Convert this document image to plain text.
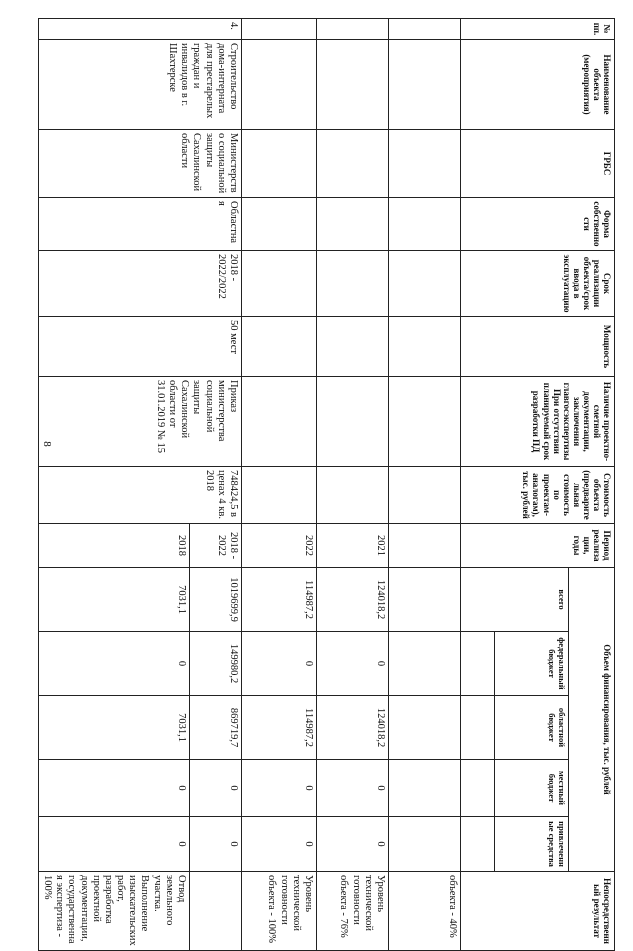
8
№ пп.	Наименование объекта (мероприятия)	ГРБС	Форма собственности	Срок реализации объекта/срок ввода в эксплуатацию	Мощность	Наличие проектно-сметной документации, заключения главгосэкспертизы При отсутствии планируемый срок разработки ПД	Стоимость объекта (предварительная стоимость по проектам-аналогам), тыс. рублей	Период реализации, годы	Объем финансирования, тыс. рублей					Непосредственный результат
									всего	федеральный бюджет	областной бюджет	местный бюджет	привлеченные средства	

														объекта - 40%
								2021	124018,2	0	124018,2	0	0	Уровень технической готовности объекта - 76%
								2022	114987,2	0	114987,2	0	0	Уровень технической готовности объекта - 100%
4.	Строительство дома-интерната для престарелых граждан и инвалидов в г. Шахтерске	Министерство социальной защиты Сахалинской области	Областная	2018 - 2022/2022	50 мест	Приказ министерства социальной защиты Сахалинской области от 31.01.2019 № 15	748424,5 в ценах 4 кв. 2018	2018 - 2022	1019699,9	149980,2	869719,7	0	0	
								2018	7031,1	0	7031,1	0	0	Отвод земельного участка. Выполнение изыскательских работ, разработка проектной документации, государственная экспертиза - 100%
